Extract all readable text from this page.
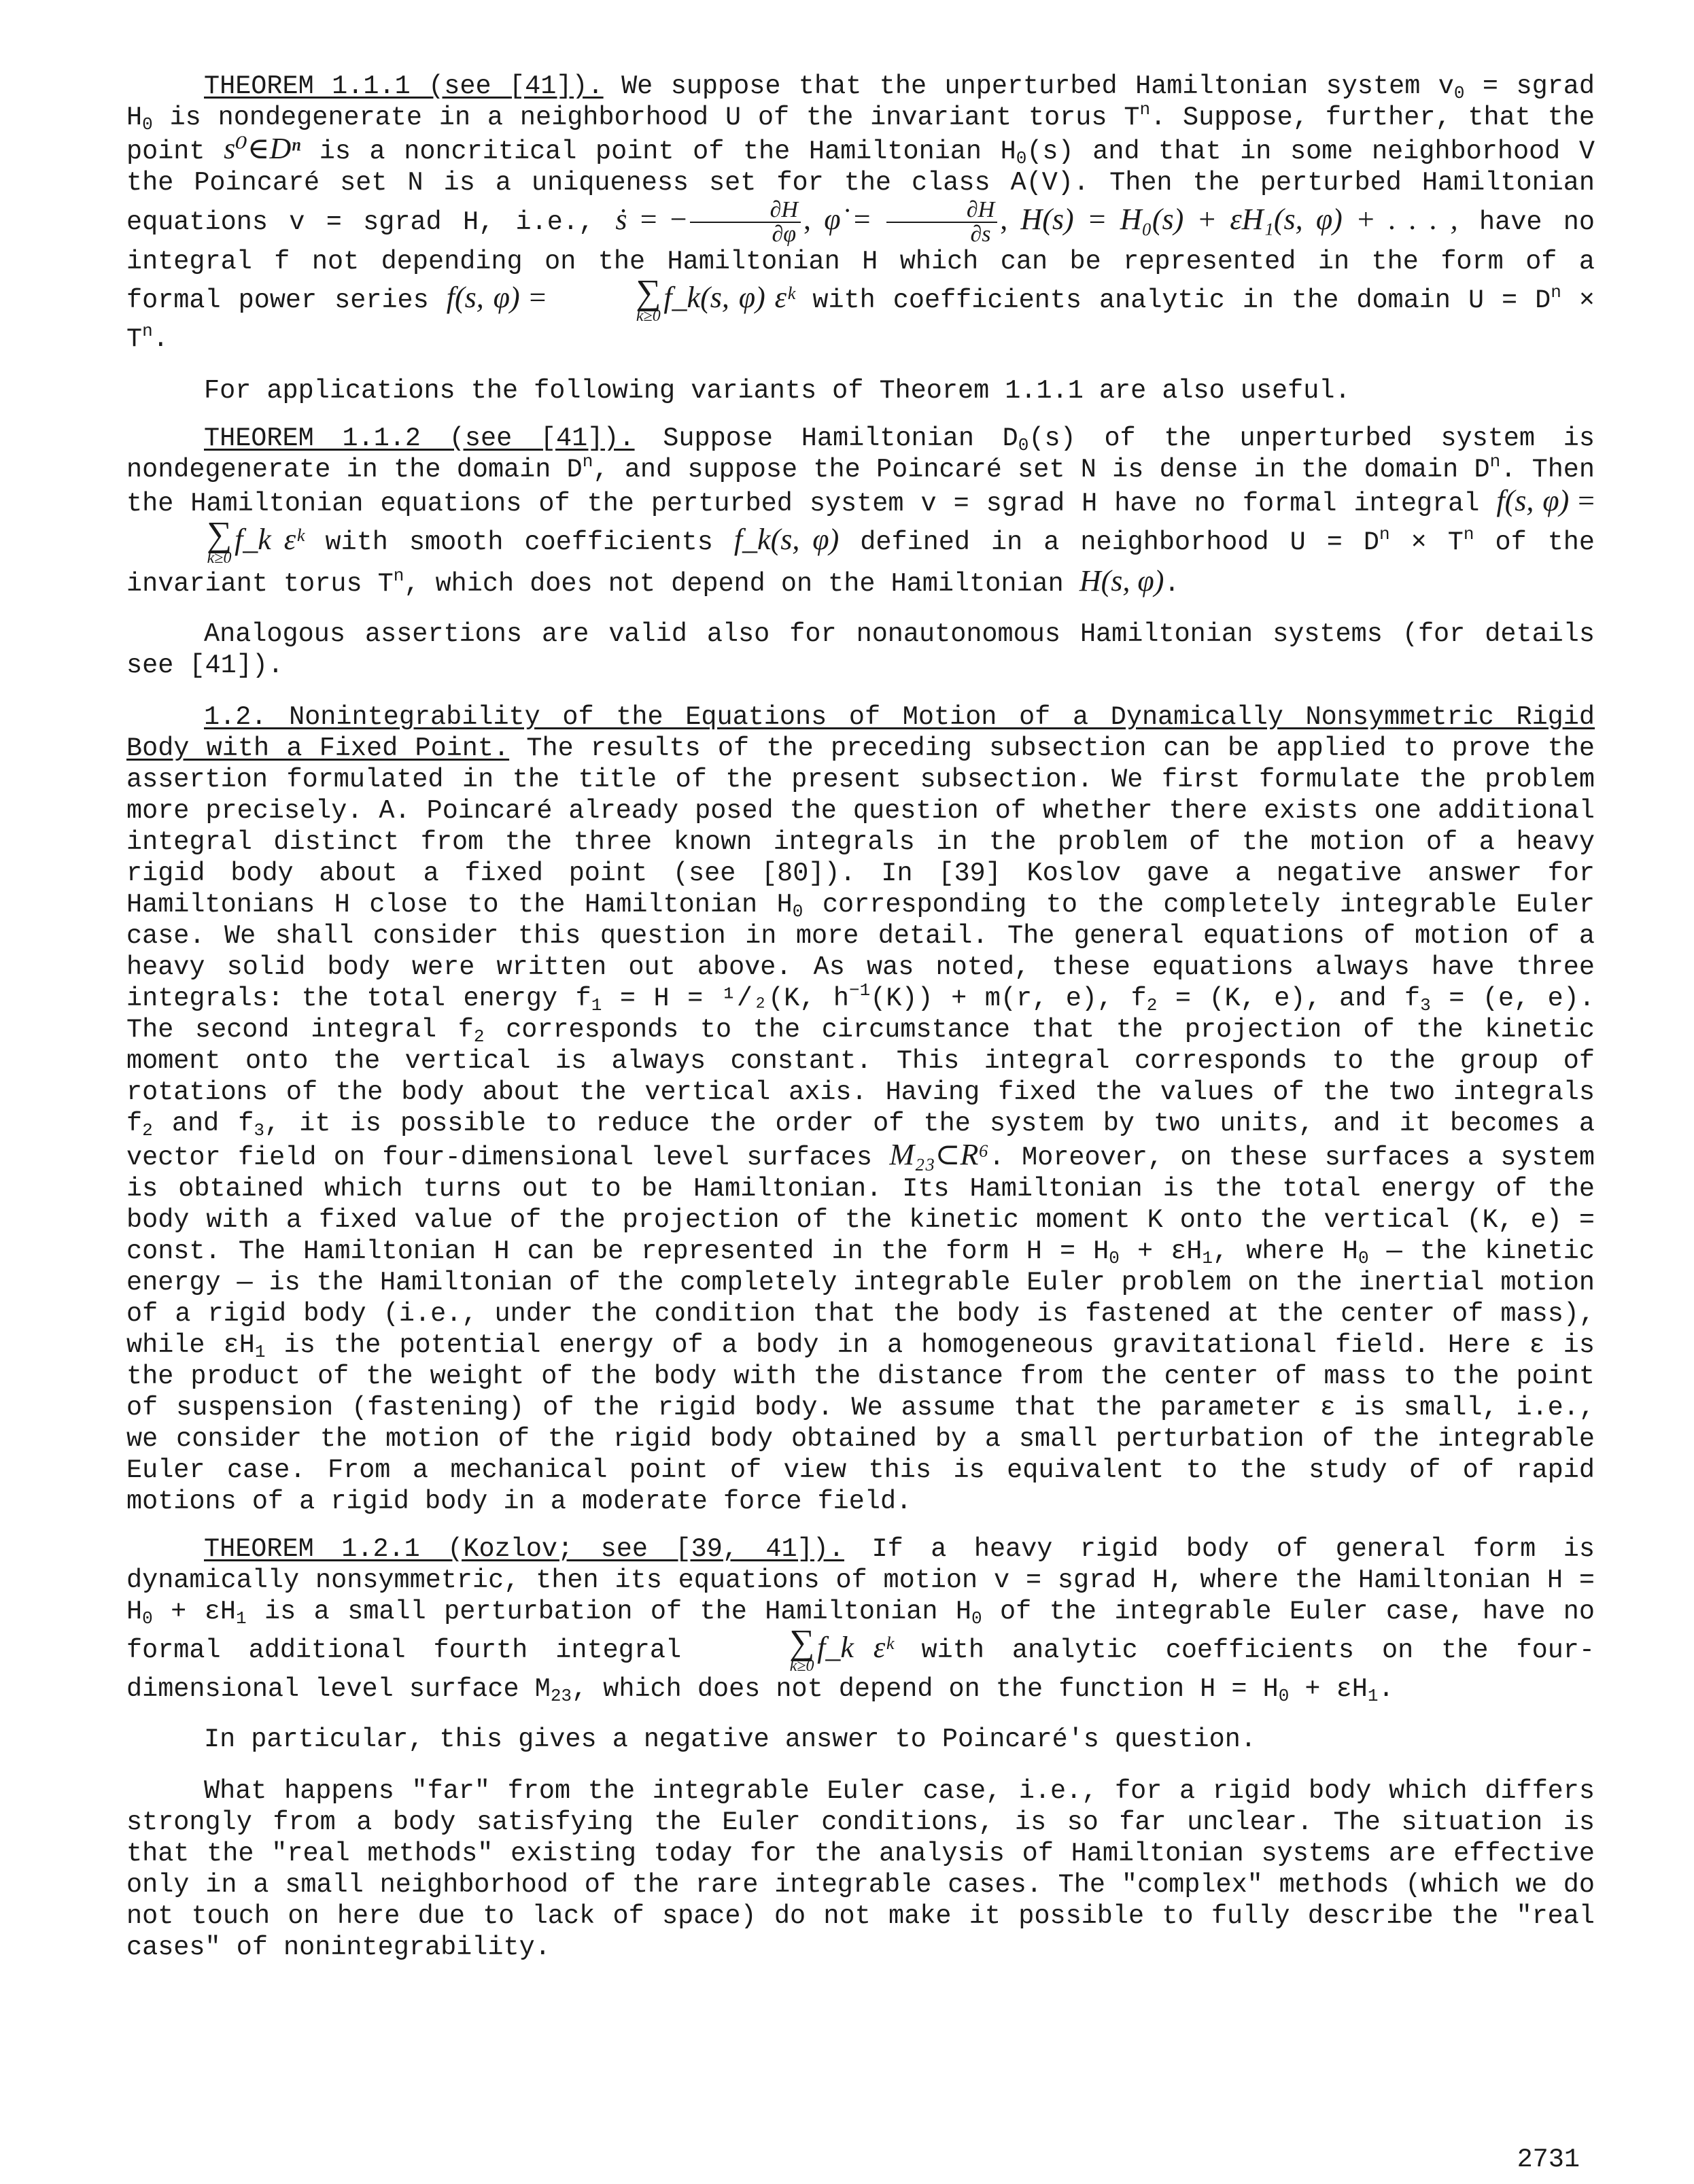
THEOREM 1.1.1 (see [41]). We suppose that the unperturbed Hamiltonian system $v_0$ = sgrad $H_0$ is nondegenerate in a neighborhood U of the invariant torus $T^n$. Suppose, further, that the point s⁰∈Dⁿ is a noncritical point of the Hamiltonian $H_0(s)$ and that in some neighborhood V the Poincaré set N is a uniqueness set for the class A(V). Then the perturbed Hamiltonian equations v = sgrad H, i.e., ṡ = − $\frac{\partial H}{\partial\varphi}$ , φ̇ = $\frac{\partial H}{\partial s}$ , H(s) = H₀(s) + εH₁(s, φ) + . . . , have no integral f not depending on the Hamiltonian H which can be represented in the form of a formal power series f(s, φ) =	∑
k≥0
f_k(s, φ) εᵏ with coefficients analytic in the domain $U = D^n \times T^n$.

For applications the following variants of Theorem 1.1.1 are also useful.

THEOREM 1.1.2 (see [41]). Suppose Hamiltonian $D_0(s)$ of the unperturbed system is nondegenerate in the domain $D^n$, and suppose the Poincaré set N is dense in the domain $D^n$. Then the Hamiltonian equations of the perturbed system v = sgrad H have no formal integral f(s, φ) =
∑
k≥0
f_k εᵏ with smooth coefficients f_k(s, φ) defined in a neighborhood $U = D^n \times T^n$ of the invariant torus $T^n$, which does not depend on the Hamiltonian H(s, φ).

Analogous assertions are valid also for nonautonomous Hamiltonian systems (for details see [41]).

1.2. Nonintegrability of the Equations of Motion of a Dynamically Nonsymmetric Rigid Body with a Fixed Point. The results of the preceding subsection can be applied to prove the assertion formulated in the title of the present subsection. We first formulate the problem more precisely. A. Poincaré already posed the question of whether there exists one additional integral distinct from the three known integrals in the problem of the motion of a heavy rigid body about a fixed point (see [80]). In [39] Koslov gave a negative answer for Hamiltonians H close to the Hamiltonian $H_0$ corresponding to the completely integrable Euler case. We shall consider this question in more detail. The general equations of motion of a heavy solid body were written out above. As was noted, these equations always have three integrals: the total energy $f_1 = H = ^1/_2(K$, $h^{-1}(K)) + m(r$, e), $f_2 = (K$, e), and $f_3 = (e$, e). The second integral $f_2$ corresponds to the circumstance that the projection of the kinetic moment onto the vertical is always constant. This integral corresponds to the group of rotations of the body about the vertical axis. Having fixed the values of the two integrals $f_2$ and $f_3$, it is possible to reduce the order of the system by two units, and it becomes a vector field on four-dimensional level surfaces M₂₃⊂R⁶. Moreover, on these surfaces a system is obtained which turns out to be Hamiltonian. Its Hamiltonian is the total energy of the body with a fixed value of the projection of the kinetic moment K onto the vertical (K, e) = const. The Hamiltonian H can be represented in the form $H = H_0 + \varepsilon H_1$, where $H_0$ — the kinetic energy — is the Hamiltonian of the completely integrable Euler problem on the inertial motion of a rigid body (i.e., under the condition that the body is fastened at the center of mass), while $\varepsilon H_1$ is the potential energy of a body in a homogeneous gravitational field. Here ε is the product of the weight of the body with the distance from the center of mass to the point of suspension (fastening) of the rigid body. We assume that the parameter ε is small, i.e., we consider the motion of the rigid body obtained by a small perturbation of the integrable Euler case. From a mechanical point of view this is equivalent to the study of of rapid motions of a rigid body in a moderate force field.

THEOREM 1.2.1 (Kozlov; see [39, 41]). If a heavy rigid body of general form is dynamically nonsymmetric, then its equations of motion v = sgrad H, where the Hamiltonian $H = H_0 + \varepsilon H_1$ is a small perturbation of the Hamiltonian $H_0$ of the integrable Euler case, have no formal additional fourth integral	∑
k≥0
f_k εᵏ with analytic coefficients on the four-dimensional level surface $M_{23}$, which does not depend on the function $H = H_0 + \varepsilon H_1$.

In particular, this gives a negative answer to Poincaré's question.

What happens "far" from the integrable Euler case, i.e., for a rigid body which differs strongly from a body satisfying the Euler conditions, is so far unclear. The situation is that the "real methods" existing today for the analysis of Hamiltonian systems are effective only in a small neighborhood of the rare integrable cases. The "complex" methods (which we do not touch on here due to lack of space) do not make it possible to fully describe the "real cases" of nonintegrability.

2731
